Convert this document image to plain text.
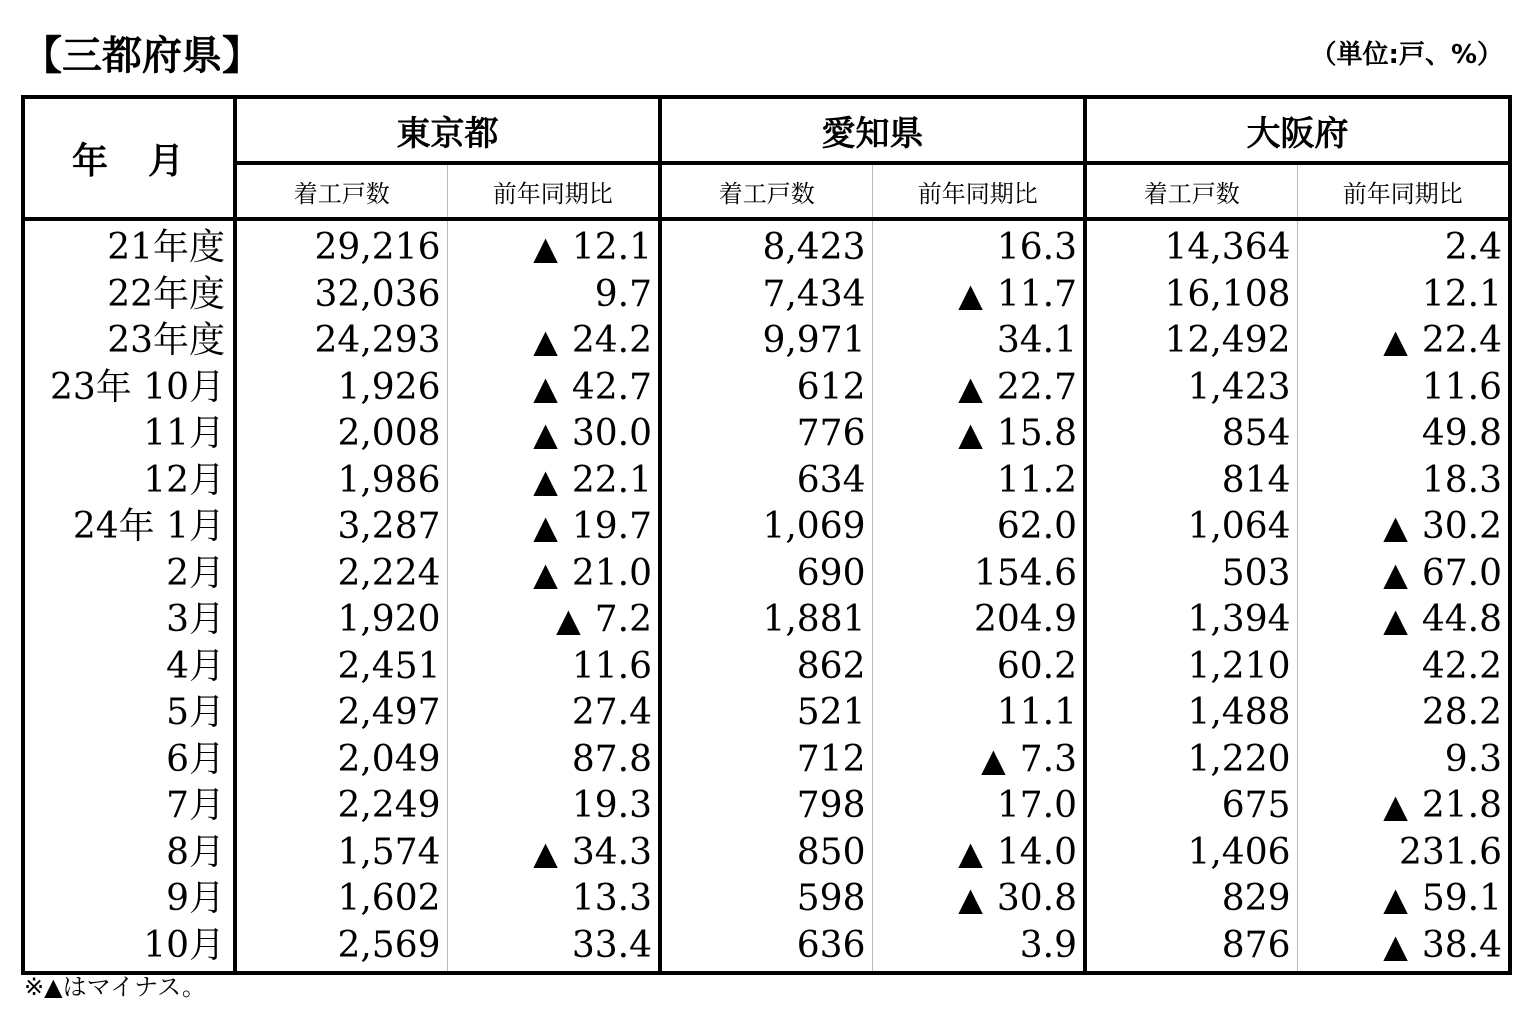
【三都府県】	（単位:戸、%）
年　月	東京都		愛知県		大阪府	
	着工戸数	前年同期比	着工戸数	前年同期比	着工戸数	前年同期比
21年度	29,216	▲ 12.1	8,423	16.3	14,364	2.4
22年度	32,036	9.7	7,434	▲ 11.7	16,108	12.1
23年度	24,293	▲ 24.2	9,971	34.1	12,492	▲ 22.4
23年 10月	1,926	▲ 42.7	612	▲ 22.7	1,423	11.6
11月	2,008	▲ 30.0	776	▲ 15.8	854	49.8
12月	1,986	▲ 22.1	634	11.2	814	18.3
24年 1月	3,287	▲ 19.7	1,069	62.0	1,064	▲ 30.2
2月	2,224	▲ 21.0	690	154.6	503	▲ 67.0
3月	1,920	▲ 7.2	1,881	204.9	1,394	▲ 44.8
4月	2,451	11.6	862	60.2	1,210	42.2
5月	2,497	27.4	521	11.1	1,488	28.2
6月	2,049	87.8	712	▲ 7.3	1,220	9.3
7月	2,249	19.3	798	17.0	675	▲ 21.8
8月	1,574	▲ 34.3	850	▲ 14.0	1,406	231.6
9月	1,602	13.3	598	▲ 30.8	829	▲ 59.1
10月	2,569	33.4	636	3.9	876	▲ 38.4
※▲はマイナス。
